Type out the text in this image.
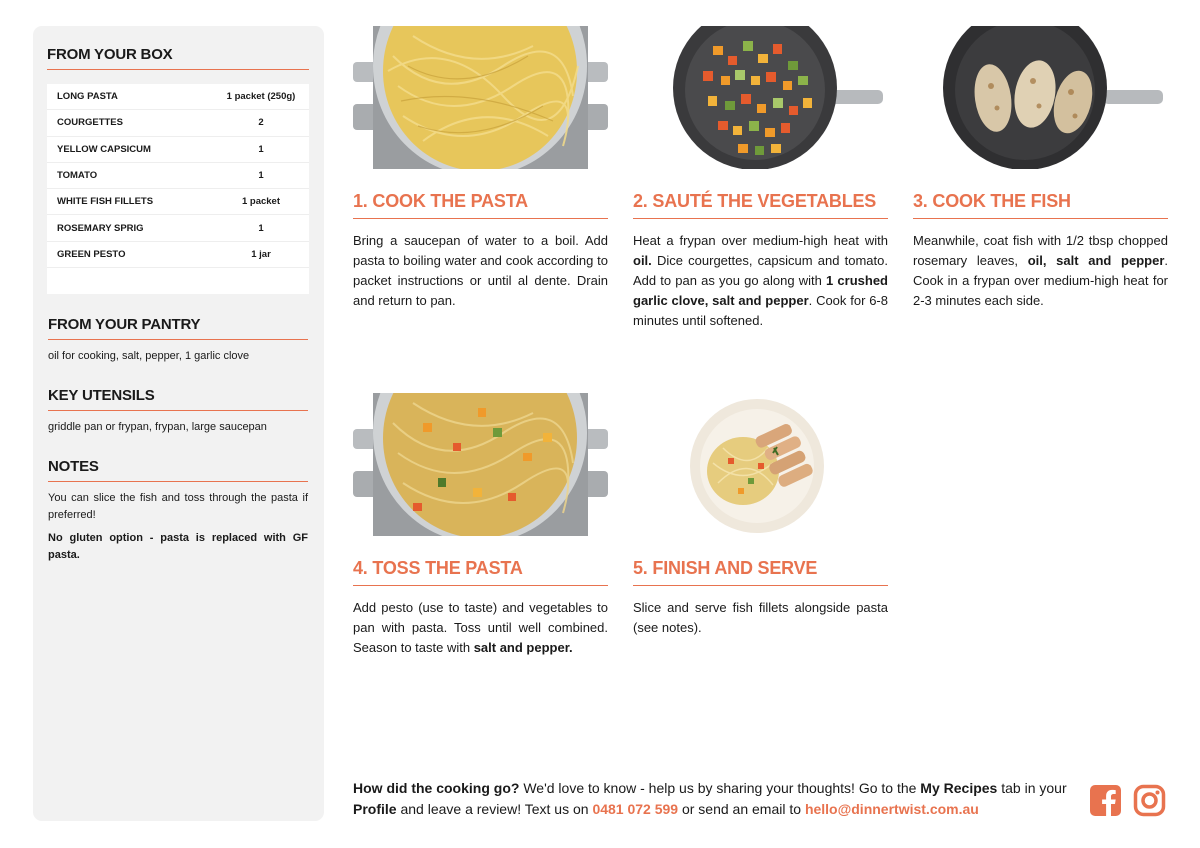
FROM YOUR BOX
LONG PASTA	1 packet (250g)
COURGETTES	2
YELLOW CAPSICUM	1
TOMATO	1
WHITE FISH FILLETS	1 packet
ROSEMARY SPRIG	1
GREEN PESTO	1 jar
FROM YOUR PANTRY
oil for cooking, salt, pepper, 1 garlic clove
KEY UTENSILS
griddle pan or frypan, frypan, large saucepan
NOTES
You can slice the fish and toss through the pasta if preferred!
No gluten option - pasta is replaced with GF pasta.
1. COOK THE PASTA
Bring a saucepan of water to a boil. Add pasta to boiling water and cook according to packet instructions or until al dente. Drain and return to pan.
2. SAUTÉ THE VEGETABLES
Heat a frypan over medium-high heat with oil. Dice courgettes, capsicum and tomato. Add to pan as you go along with 1 crushed garlic clove, salt and pepper. Cook for 6-8 minutes until softened.
3. COOK THE FISH
Meanwhile, coat fish with 1/2 tbsp chopped rosemary leaves, oil, salt and pepper. Cook in a frypan over medium-high heat for 2-3 minutes each side.
4. TOSS THE PASTA
Add pesto (use to taste) and vegetables to pan with pasta. Toss until well combined. Season to taste with salt and pepper.
5. FINISH AND SERVE
Slice and serve fish fillets alongside pasta (see notes).
How did the cooking go? We'd love to know - help us by sharing your thoughts! Go to the My Recipes tab in your Profile and leave a review! Text us on 0481 072 599 or send an email to hello@dinnertwist.com.au
